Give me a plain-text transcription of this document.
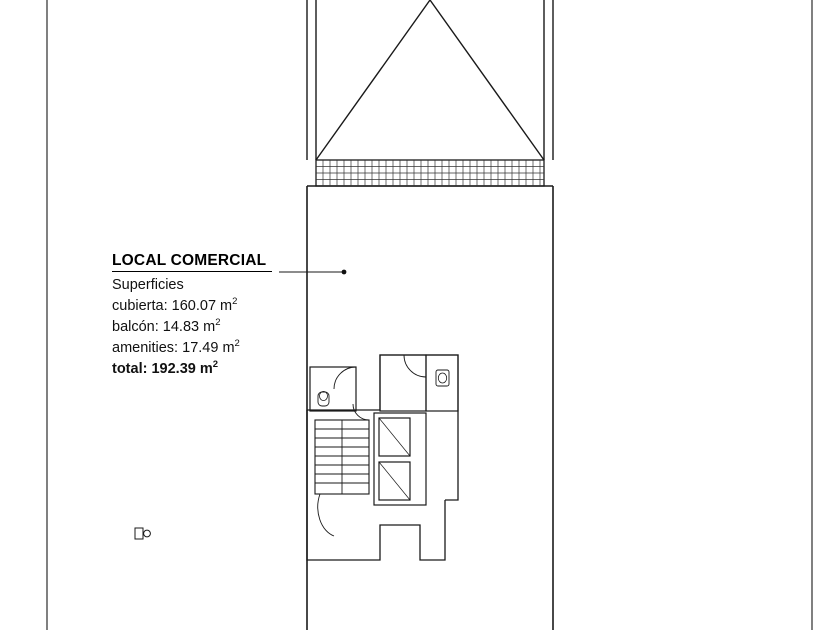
LOCAL COMERCIAL
Superficies
cubierta: 160.07 $m^2$
balcón: 14.83 $m^2$
amenities: 17.49 $m^2$
total: 192.39 $m^2$
